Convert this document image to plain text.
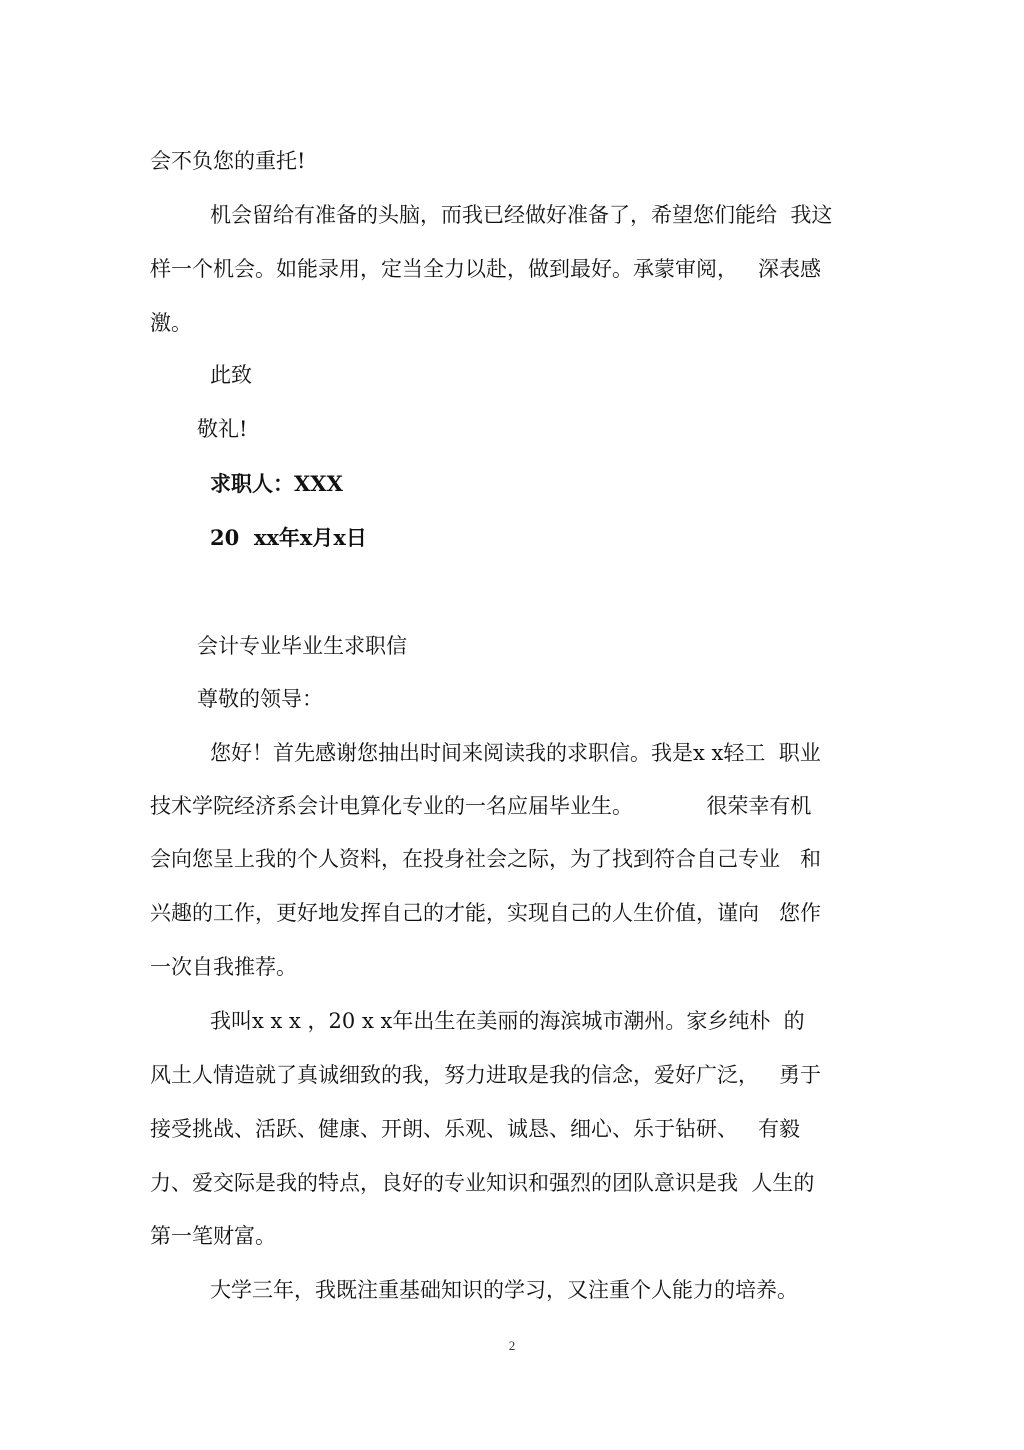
会不负您的重托!
机会留给有准备的头脑，而我已经做好准备了，希望您们能给  我这
样一个机会。如能录用，定当全力以赴，做到最好。承蒙审阅，   深表感
激。
此致
敬礼!
求职人：XXX
20  xx年x月x日
会计专业毕业生求职信
尊敬的领导：
您好！首先感谢您抽出时间来阅读我的求职信。我是x x轻工  职业
技术学院经济系会计电算化专业的一名应届毕业生。           很荣幸有机
会向您呈上我的个人资料，在投身社会之际，为了找到符合自己专业   和
兴趣的工作，更好地发挥自己的才能，实现自己的人生价值，谨向   您作
一次自我推荐。
我叫x x x ，20 x x年出生在美丽的海滨城市潮州。家乡纯朴  的
风土人情造就了真诚细致的我，努力进取是我的信念，爱好广泛，   勇于
接受挑战、活跃、健康、开朗、乐观、诚恳、细心、乐于钻研、   有毅
力、爱交际是我的特点，良好的专业知识和强烈的团队意识是我  人生的
第一笔财富。
大学三年，我既注重基础知识的学习，又注重个人能力的培养。
2
